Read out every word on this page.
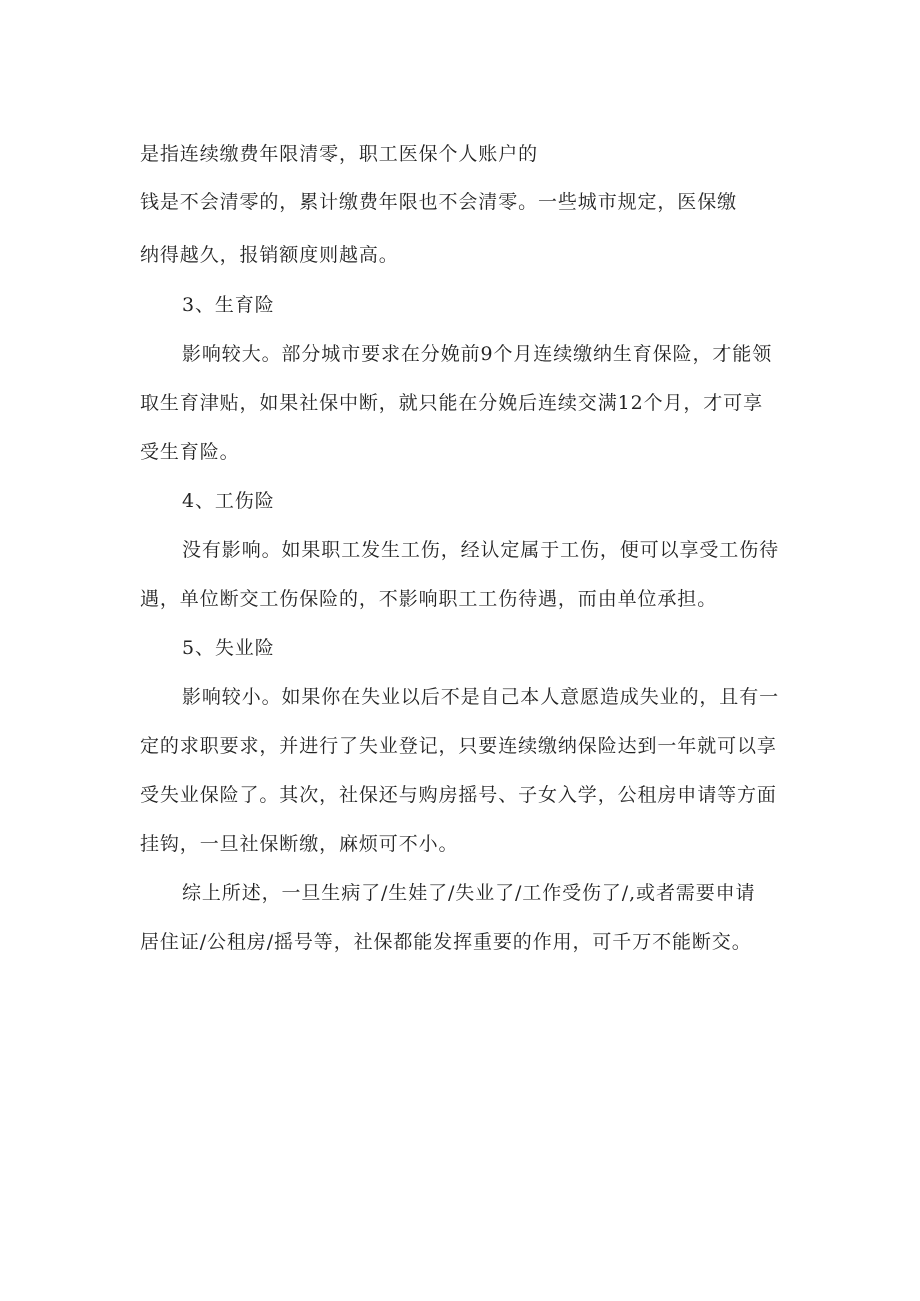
是指连续缴费年限清零，职工医保个人账户的
钱是不会清零的，累计缴费年限也不会清零。一些城市规定，医保缴
纳得越久，报销额度则越高。
3、生育险
影响较大。部分城市要求在分娩前9个月连续缴纳生育保险，才能领
取生育津贴，如果社保中断，就只能在分娩后连续交满12个月，才可享
受生育险。
4、工伤险
没有影响。如果职工发生工伤，经认定属于工伤，便可以享受工伤待
遇，单位断交工伤保险的，不影响职工工伤待遇，而由单位承担。
5、失业险
影响较小。如果你在失业以后不是自己本人意愿造成失业的，且有一
定的求职要求，并进行了失业登记，只要连续缴纳保险达到一年就可以享
受失业保险了。其次，社保还与购房摇号、子女入学，公租房申请等方面
挂钩，一旦社保断缴，麻烦可不小。
综上所述，一旦生病了/生娃了/失业了/工作受伤了/,或者需要申请
居住证/公租房/摇号等，社保都能发挥重要的作用，可千万不能断交。
